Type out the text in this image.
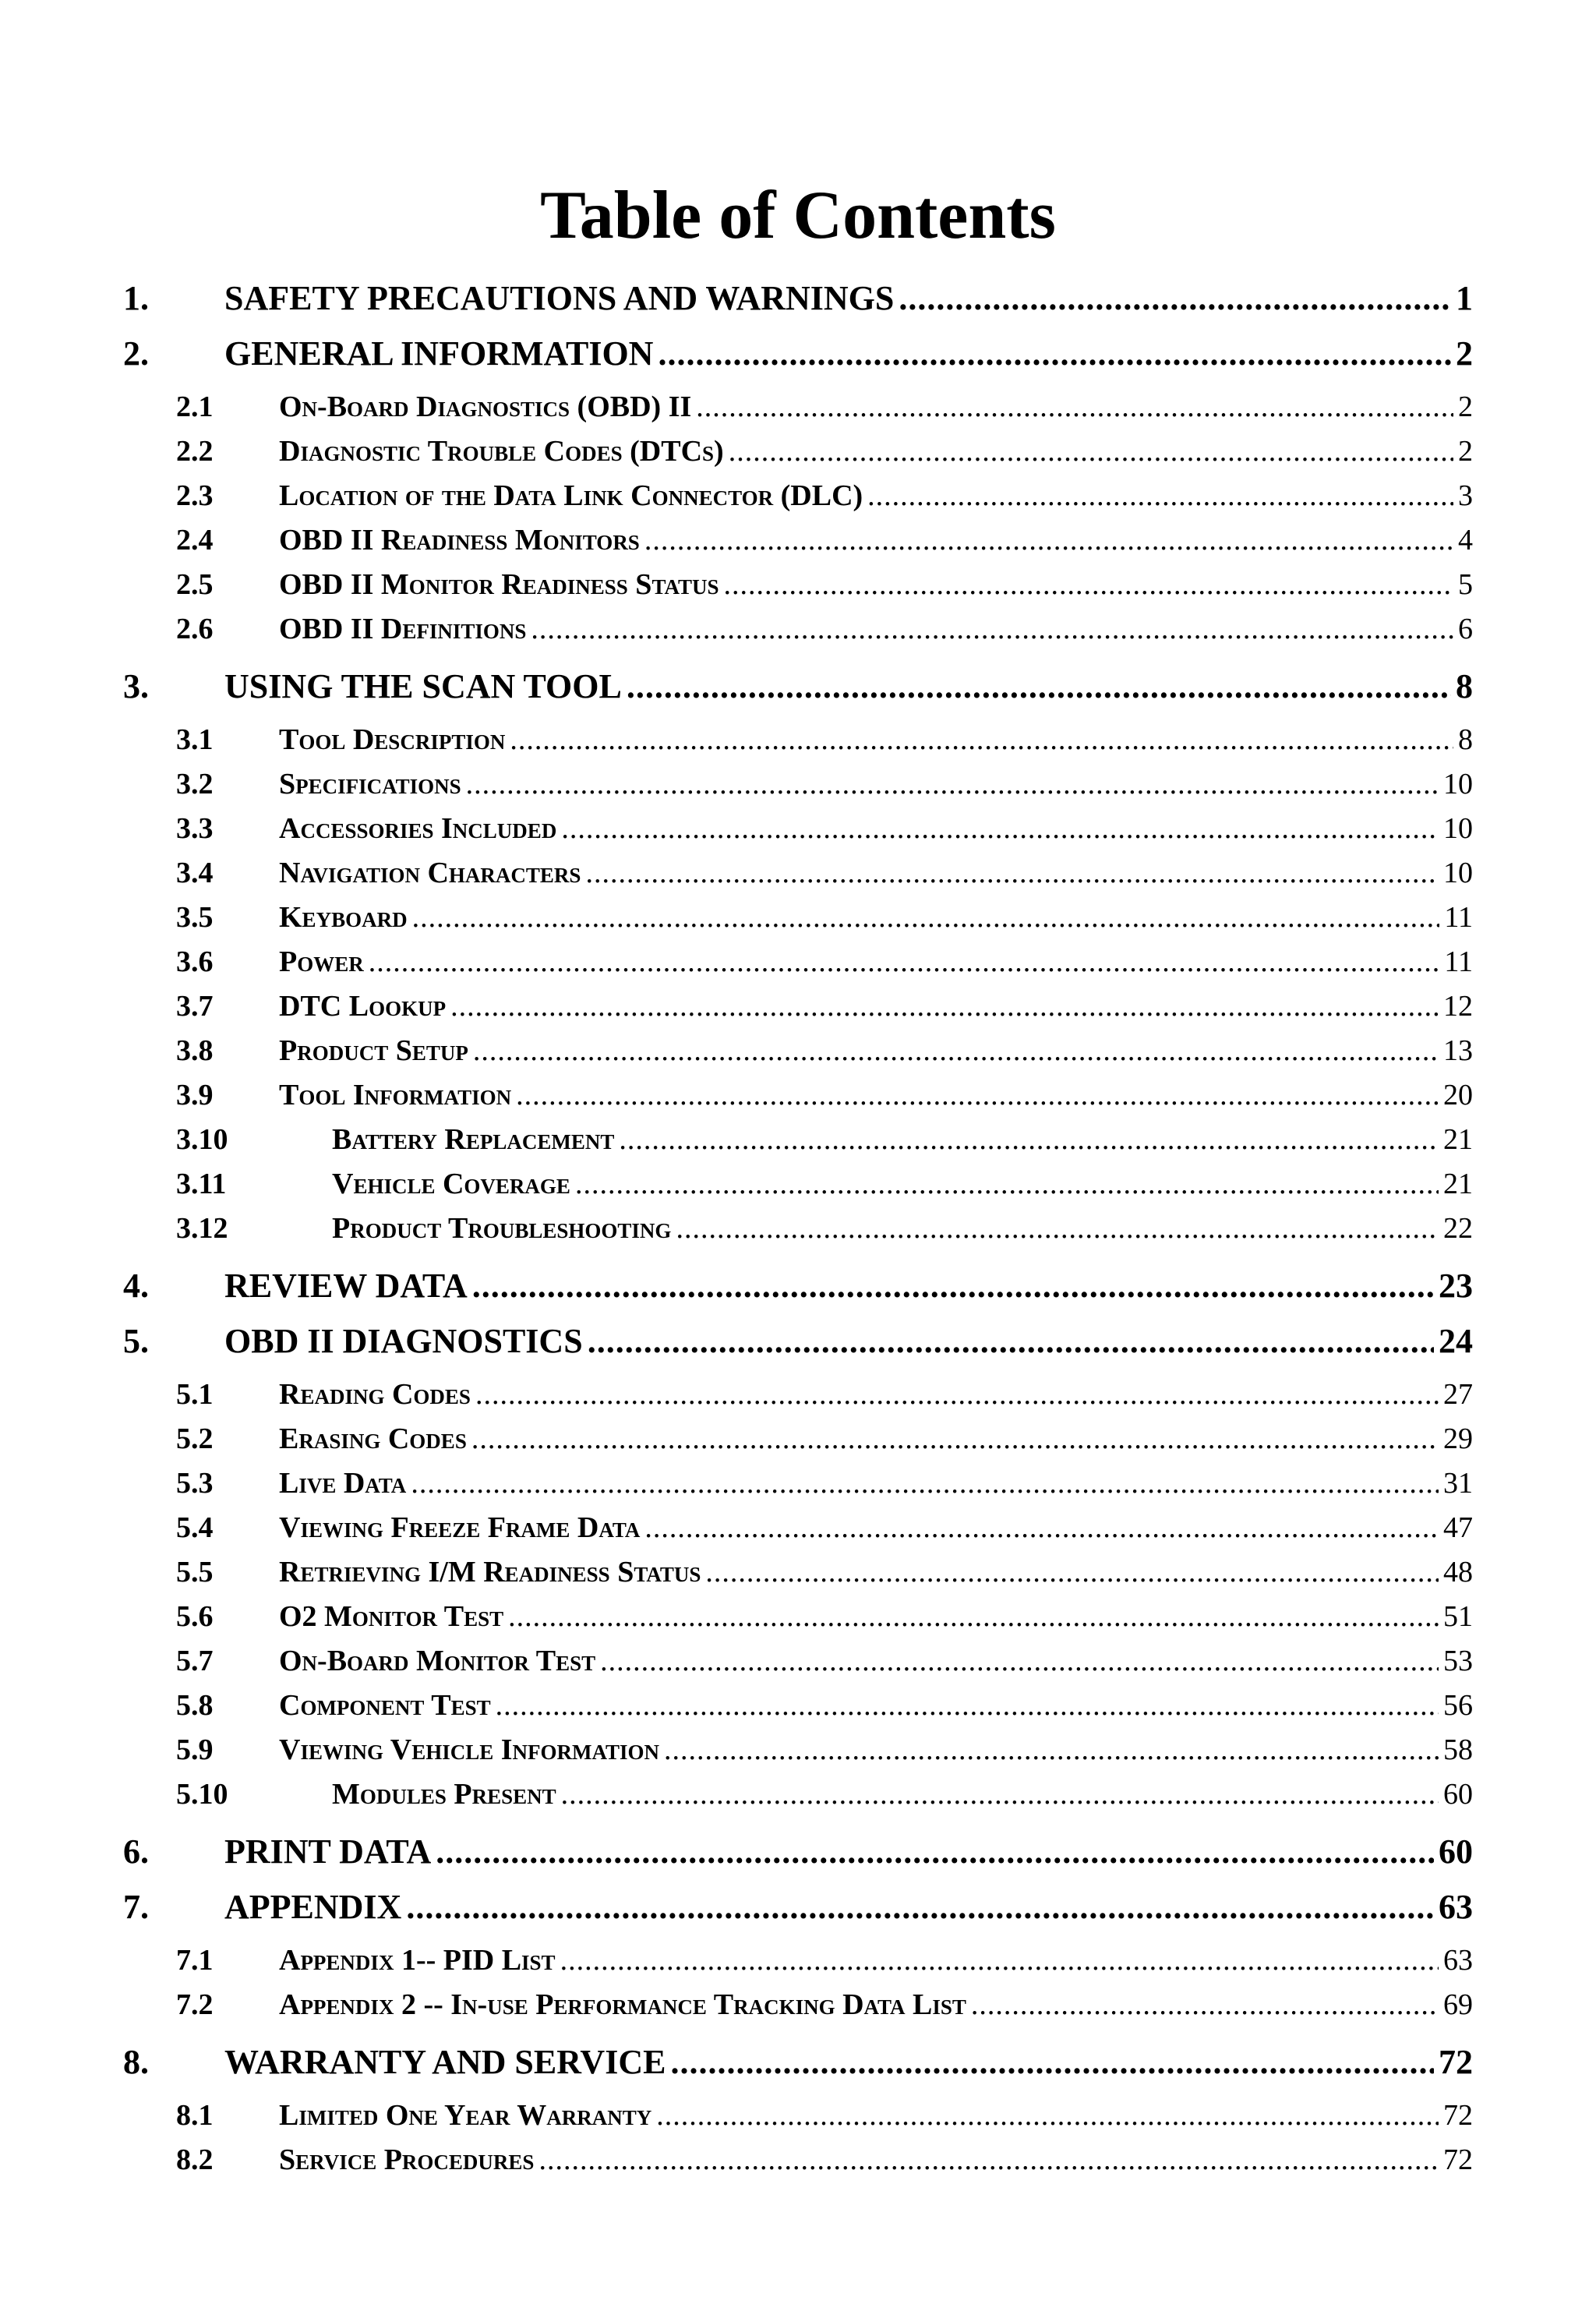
Table of Contents
1.	SAFETY PRECAUTIONS AND WARNINGS .....	1
2.	GENERAL INFORMATION .....	2
2.1	On-Board Diagnostics (OBD) II .....	2
2.2	Diagnostic Trouble Codes (DTCs) .....	2
2.3	Location of the Data Link Connector (DLC) .....	3
2.4	OBD II Readiness Monitors .....	4
2.5	OBD II Monitor Readiness Status .....	5
2.6	OBD II Definitions .....	6
3.	USING THE SCAN TOOL .....	8
3.1	Tool Description .....	8
3.2	Specifications .....	10
3.3	Accessories Included .....	10
3.4	Navigation Characters .....	10
3.5	Keyboard .....	11
3.6	Power .....	11
3.7	DTC Lookup .....	12
3.8	Product Setup .....	13
3.9	Tool Information .....	20
3.10	Battery Replacement .....	21
3.11	Vehicle Coverage .....	21
3.12	Product Troubleshooting .....	22
4.	REVIEW DATA .....	23
5.	OBD II DIAGNOSTICS .....	24
5.1	Reading Codes .....	27
5.2	Erasing Codes .....	29
5.3	Live Data .....	31
5.4	Viewing Freeze Frame Data .....	47
5.5	Retrieving I/M Readiness Status .....	48
5.6	O2 Monitor Test .....	51
5.7	On-Board Monitor Test .....	53
5.8	Component Test .....	56
5.9	Viewing Vehicle Information .....	58
5.10	Modules Present .....	60
6.	PRINT DATA .....	60
7.	APPENDIX .....	63
7.1	Appendix 1-- PID List .....	63
7.2	Appendix 2 -- In-use Performance Tracking Data List .....	69
8.	WARRANTY AND SERVICE .....	72
8.1	Limited One Year Warranty .....	72
8.2	Service Procedures .....	72
